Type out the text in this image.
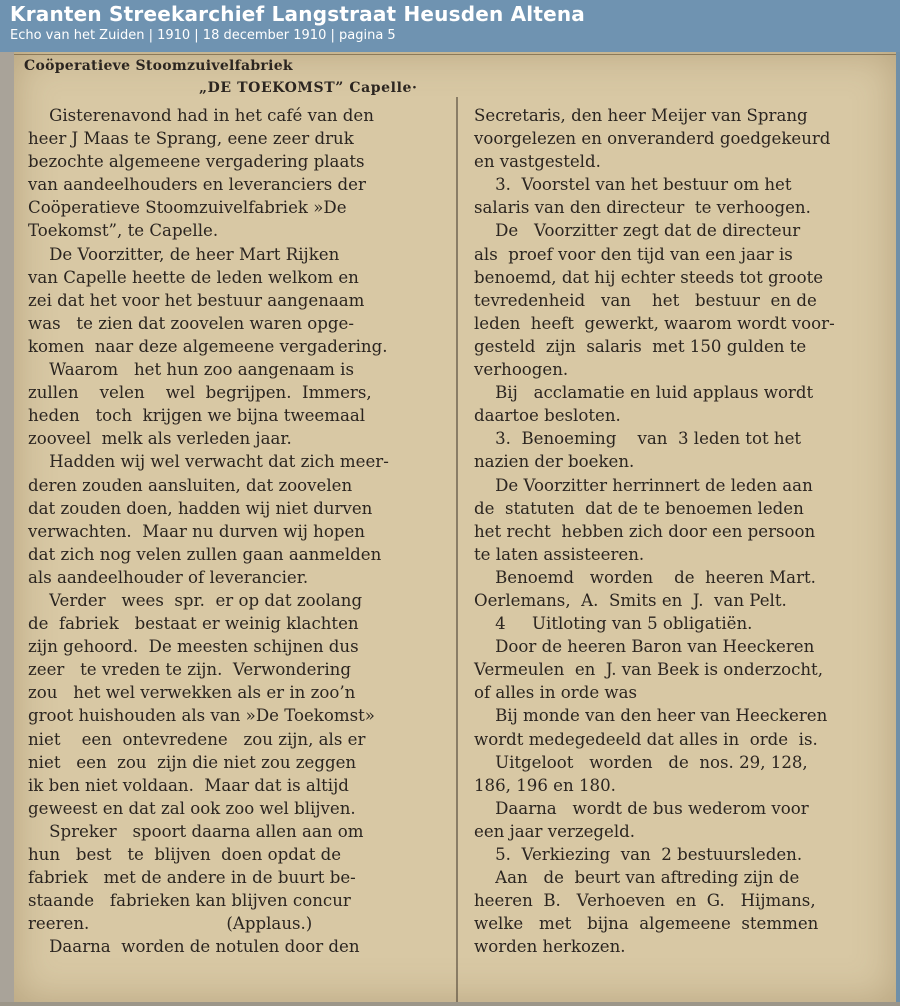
Kranten Streekarchief Langstraat Heusden Altena
Echo van het Zuiden | 1910 | 18 december 1910 | pagina 5
Coöperatieve Stoomzuivelfabriek
„DE TOEKOMST” Capelle·

Gisterenavond had in het café van den

heer J Maas te Sprang, eene zeer druk

bezochte algemeene vergadering plaats

van aandeelhouders en leveranciers der

Coöperatieve Stoomzuivelfabriek »De

Toekomst”, te Capelle.

De Voorzitter, de heer Mart Rijken

van Capelle heette de leden welkom en

zei dat het voor het bestuur aangenaam

was   te zien dat zoovelen waren opge-

komen  naar deze algemeene vergadering.

Waarom   het hun zoo aangenaam is

zullen    velen    wel  begrijpen.  Immers,

heden   toch  krijgen we bijna tweemaal

zooveel  melk als verleden jaar.

Hadden wij wel verwacht dat zich meer-

deren zouden aansluiten, dat zoovelen

dat zouden doen, hadden wij niet durven

verwachten.  Maar nu durven wij hopen

dat zich nog velen zullen gaan aanmelden

als aandeelhouder of leverancier.

Verder   wees  spr.  er op dat zoolang

de  fabriek   bestaat er weinig klachten

zijn gehoord.  De meesten schijnen dus

zeer   te vreden te zijn.  Verwondering

zou   het wel verwekken als er in zoo’n

groot huishouden als van »De Toekomst»

niet    een  ontevredene   zou zijn, als er

niet   een  zou  zijn die niet zou zeggen

ik ben niet voldaan.  Maar dat is altijd

geweest en dat zal ook zoo wel blijven.

Spreker   spoort daarna allen aan om

hun   best   te  blijven  doen opdat de

fabriek   met de andere in de buurt be-

staande   fabrieken kan blijven concur

reeren.                          (Applaus.)

Daarna  worden de notulen door den

Secretaris, den heer Meijer van Sprang

voorgelezen en onveranderd goedgekeurd

en vastgesteld.

3.  Voorstel van het bestuur om het

salaris van den directeur  te verhoogen.

De   Voorzitter zegt dat de directeur

als  proef voor den tijd van een jaar is

benoemd, dat hij echter steeds tot groote

tevredenheid   van    het   bestuur  en de

leden  heeft  gewerkt, waarom wordt voor-

gesteld  zijn  salaris  met 150 gulden te

verhoogen.

Bij   acclamatie en luid applaus wordt

daartoe besloten.

3.  Benoeming    van  3 leden tot het

nazien der boeken.

De Voorzitter herrinnert de leden aan

de  statuten  dat de te benoemen leden

het recht  hebben zich door een persoon

te laten assisteeren.

Benoemd   worden    de  heeren Mart.

Oerlemans,  A.  Smits en  J.  van Pelt.

4     Uitloting van 5 obligatiën.

Door de heeren Baron van Heeckeren

Vermeulen  en  J. van Beek is onderzocht,

of alles in orde was

Bij monde van den heer van Heeckeren

wordt medegedeeld dat alles in  orde  is.

Uitgeloot   worden   de  nos. 29, 128,

186, 196 en 180.

Daarna   wordt de bus wederom voor

een jaar verzegeld.

5.  Verkiezing  van  2 bestuursleden.

Aan   de  beurt van aftreding zijn de

heeren  B.   Verhoeven  en  G.   Hijmans,

welke   met   bijna  algemeene  stemmen

worden herkozen.
